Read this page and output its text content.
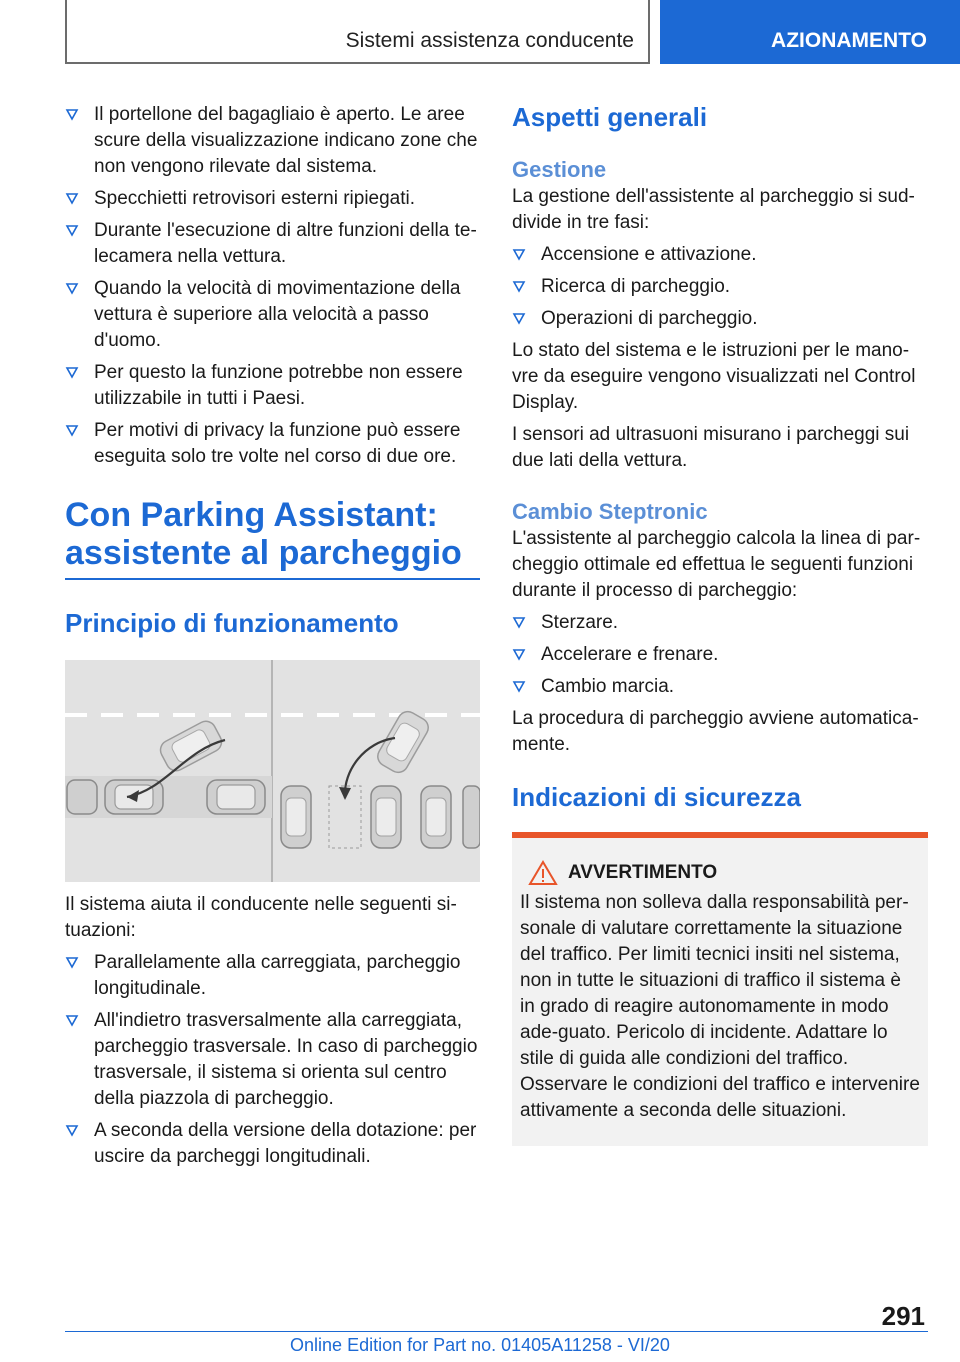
Sistemi assistenza conducente	AZIONAMENTO
Il portellone del bagagliaio è aperto. Le aree scure della visualizzazione indicano zone che non vengono rilevate dal sistema.
Specchietti retrovisori esterni ripiegati.
Durante l'esecuzione di altre funzioni della te-lecamera nella vettura.
Quando la velocità di movimentazione della vettura è superiore alla velocità a passo d'uomo.
Per questo la funzione potrebbe non essere utilizzabile in tutti i Paesi.
Per motivi di privacy la funzione può essere eseguita solo tre volte nel corso di due ore.
Con Parking Assistant: assistente al parcheggio
Principio di funzionamento

Il sistema aiuta il conducente nelle seguenti si-tuazioni:

Parallelamente alla carreggiata, parcheggio longitudinale.
All'indietro trasversalmente alla carreggiata, parcheggio trasversale. In caso di parcheggio trasversale, il sistema si orienta sul centro della piazzola di parcheggio.
A seconda della versione della dotazione: per uscire da parcheggi longitudinali.
Aspetti generali
Gestione

La gestione dell'assistente al parcheggio si sud-divide in tre fasi:

Accensione e attivazione.
Ricerca di parcheggio.
Operazioni di parcheggio.

Lo stato del sistema e le istruzioni per le mano-vre da eseguire vengono visualizzati nel Control Display.

I sensori ad ultrasuoni misurano i parcheggi sui due lati della vettura.

Cambio Steptronic

L'assistente al parcheggio calcola la linea di par-cheggio ottimale ed effettua le seguenti funzioni durante il processo di parcheggio:

Sterzare.
Accelerare e frenare.
Cambio marcia.

La procedura di parcheggio avviene automatica-mente.

Indicazioni di sicurezza
AVVERTIMENTO

Il sistema non solleva dalla responsabilità per-sonale di valutare correttamente la situazione del traffico. Per limiti tecnici insiti nel sistema, non in tutte le situazioni di traffico il sistema è in grado di reagire autonomamente in modo ade-guato. Pericolo di incidente. Adattare lo stile di guida alle condizioni del traffico. Osservare le condizioni del traffico e intervenire attivamente a seconda delle situazioni.

291
Online Edition for Part no. 01405A11258 - VI/20
